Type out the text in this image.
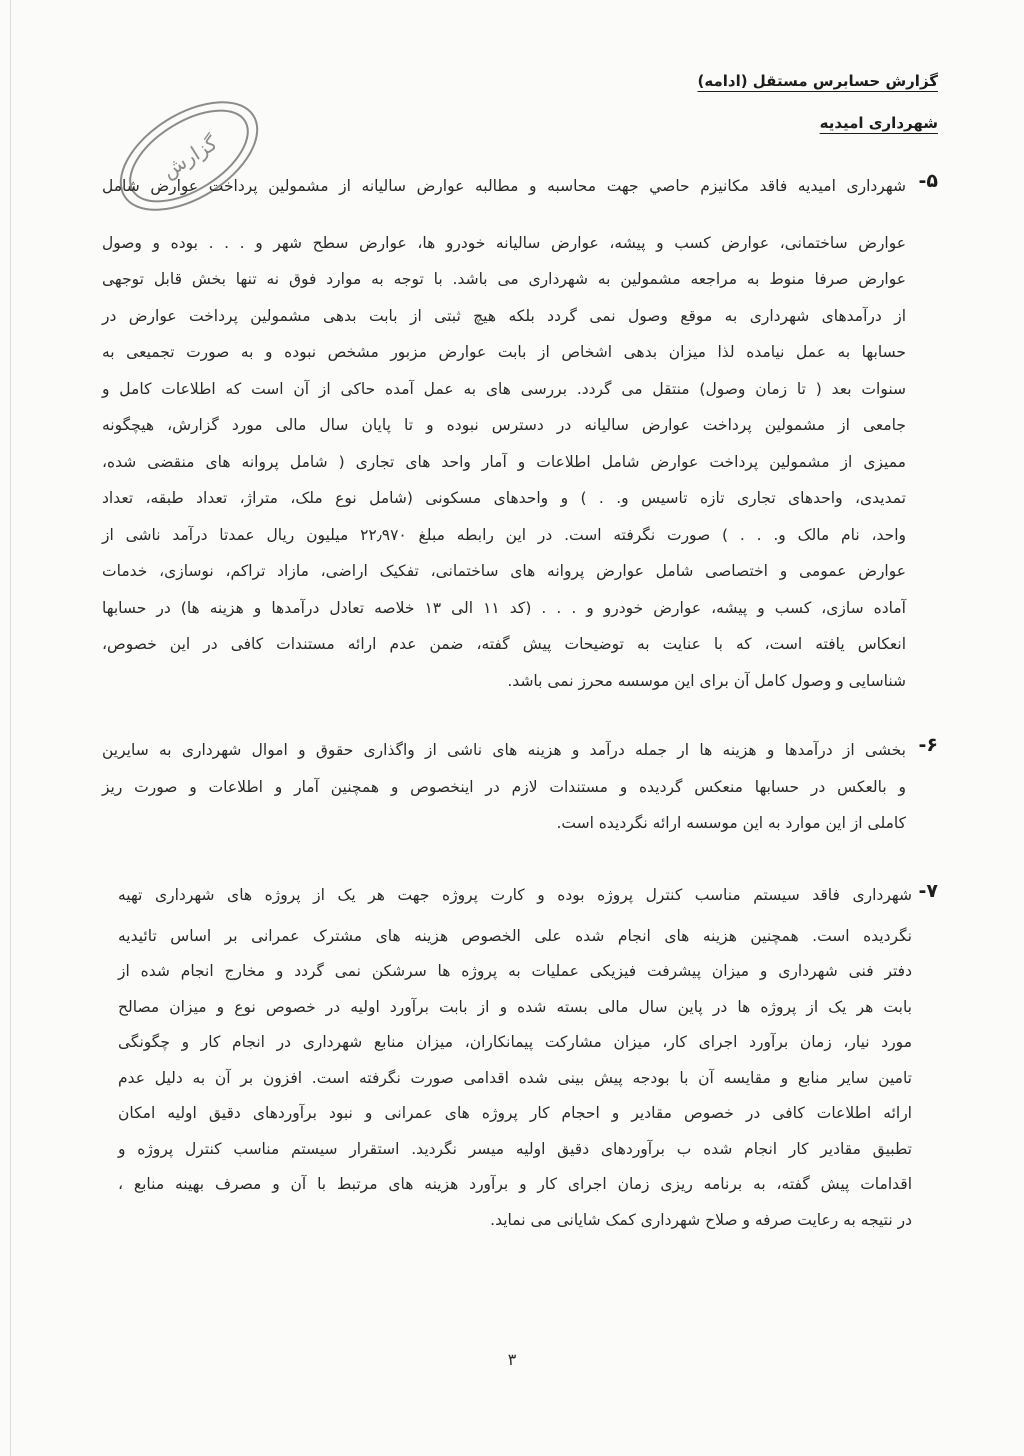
گزارش حسابرس مستقل (ادامه)
شهرداری امیدیه
گزارش	۵-
شهرداری امیدیه فاقد مکانیزم حاصي جهت محاسبه و مطالبه عوارض سالیانه از مشمولین پرداخت عوارض شامل
عوارض ساختمانی، عوارض کسب و پیشه، عوارض سالیانه خودرو ها، عوارض سطح شهر و . . . بوده و وصول
عوارض صرفا منوط به مراجعه مشمولین به شهرداری می باشد. با توجه به موارد فوق نه تنها بخش قابل توجهی
از درآمدهای شهرداری به موقع وصول نمی گردد بلکه هیچ ثبتی از بابت بدهی مشمولین پرداخت عوارض در
حسابها به عمل نیامده لذا میزان بدهی اشخاص از بابت عوارض مزبور مشخص نبوده و به صورت تجمیعی به
سنوات بعد ( تا زمان وصول) منتقل می گردد. بررسی های به عمل آمده حاکی از آن است که اطلاعات کامل و
جامعی از مشمولین پرداخت عوارض سالیانه در دسترس نبوده و تا پایان سال مالی مورد گزارش، هیچگونه
ممیزی از مشمولین پرداخت عوارض شامل اطلاعات و آمار واحد های تجاری ( شامل پروانه های منقضی شده،
تمدیدی، واحدهای تجاری تازه تاسیس و. . ) و واحدهای مسکونی (شامل نوع ملک، متراژ، تعداد طبقه، تعداد
واحد، نام مالک و. . . ) صورت نگرفته است. در این رابطه مبلغ ۲۲٫۹۷۰ میلیون ریال عمدتا درآمد ناشی از
عوارض عمومی و اختصاصی شامل عوارض پروانه های ساختمانی، تفکیک اراضی، مازاد تراکم، نوسازی، خدمات
آماده سازی، کسب و پیشه، عوارض خودرو و . . . (کد ۱۱ الی ۱۳ خلاصه تعادل درآمدها و هزینه ها) در حسابها
انعکاس یافته است، که با عنایت به توضیحات پیش گفته، ضمن عدم ارائه مستندات کافی در این خصوص،
شناسایی و وصول کامل آن برای این موسسه محرز نمی باشد.
۶-
بخشی از درآمدها و هزینه ها ار جمله درآمد و هزینه های ناشی از واگذاری حقوق و اموال شهرداری به سایرین
و بالعکس در حسابها منعکس گردیده و مستندات لازم در اینخصوص و همچنین آمار و اطلاعات و صورت ریز
کاملی از این موارد به این موسسه ارائه نگردیده است.
۷-
شهرداری فاقد سیستم مناسب کنترل پروژه بوده و کارت پروژه جهت هر یک از پروژه های شهرداری تهیه
نگردیده است. همچنین هزینه های انجام شده علی الخصوص هزینه های مشترک عمرانی بر اساس تائیدیه
دفتر فنی شهرداری و میزان پیشرفت فیزیکی عملیات به پروژه ها سرشکن نمی گردد و مخارج انجام شده از
بابت هر یک از پروژه ها در پاین سال مالی بسته شده و از بابت برآورد اولیه در خصوص نوع و میزان مصالح
مورد نیار، زمان برآورد اجرای کار، میزان مشارکت پیمانکاران، میزان منابع شهرداری در انجام کار و چگونگی
تامین سایر منابع و مقایسه آن با بودجه پیش بینی شده اقدامی صورت نگرفته است. افزون بر آن به دلیل عدم
ارائه اطلاعات کافی در خصوص مقادیر و احجام کار پروژه های عمرانی و نبود برآوردهای دقیق اولیه امکان
تطبیق مقادیر کار انجام شده ب برآوردهای دقیق اولیه میسر نگردید. استقرار سیستم مناسب کنترل پروژه و
اقدامات پیش گفته، به برنامه ریزی زمان اجرای کار و برآورد هزینه های مرتبط با آن و مصرف بهینه منابع ،
در نتیجه به رعایت صرفه و صلاح شهرداری کمک شایانی می نماید.
۳
